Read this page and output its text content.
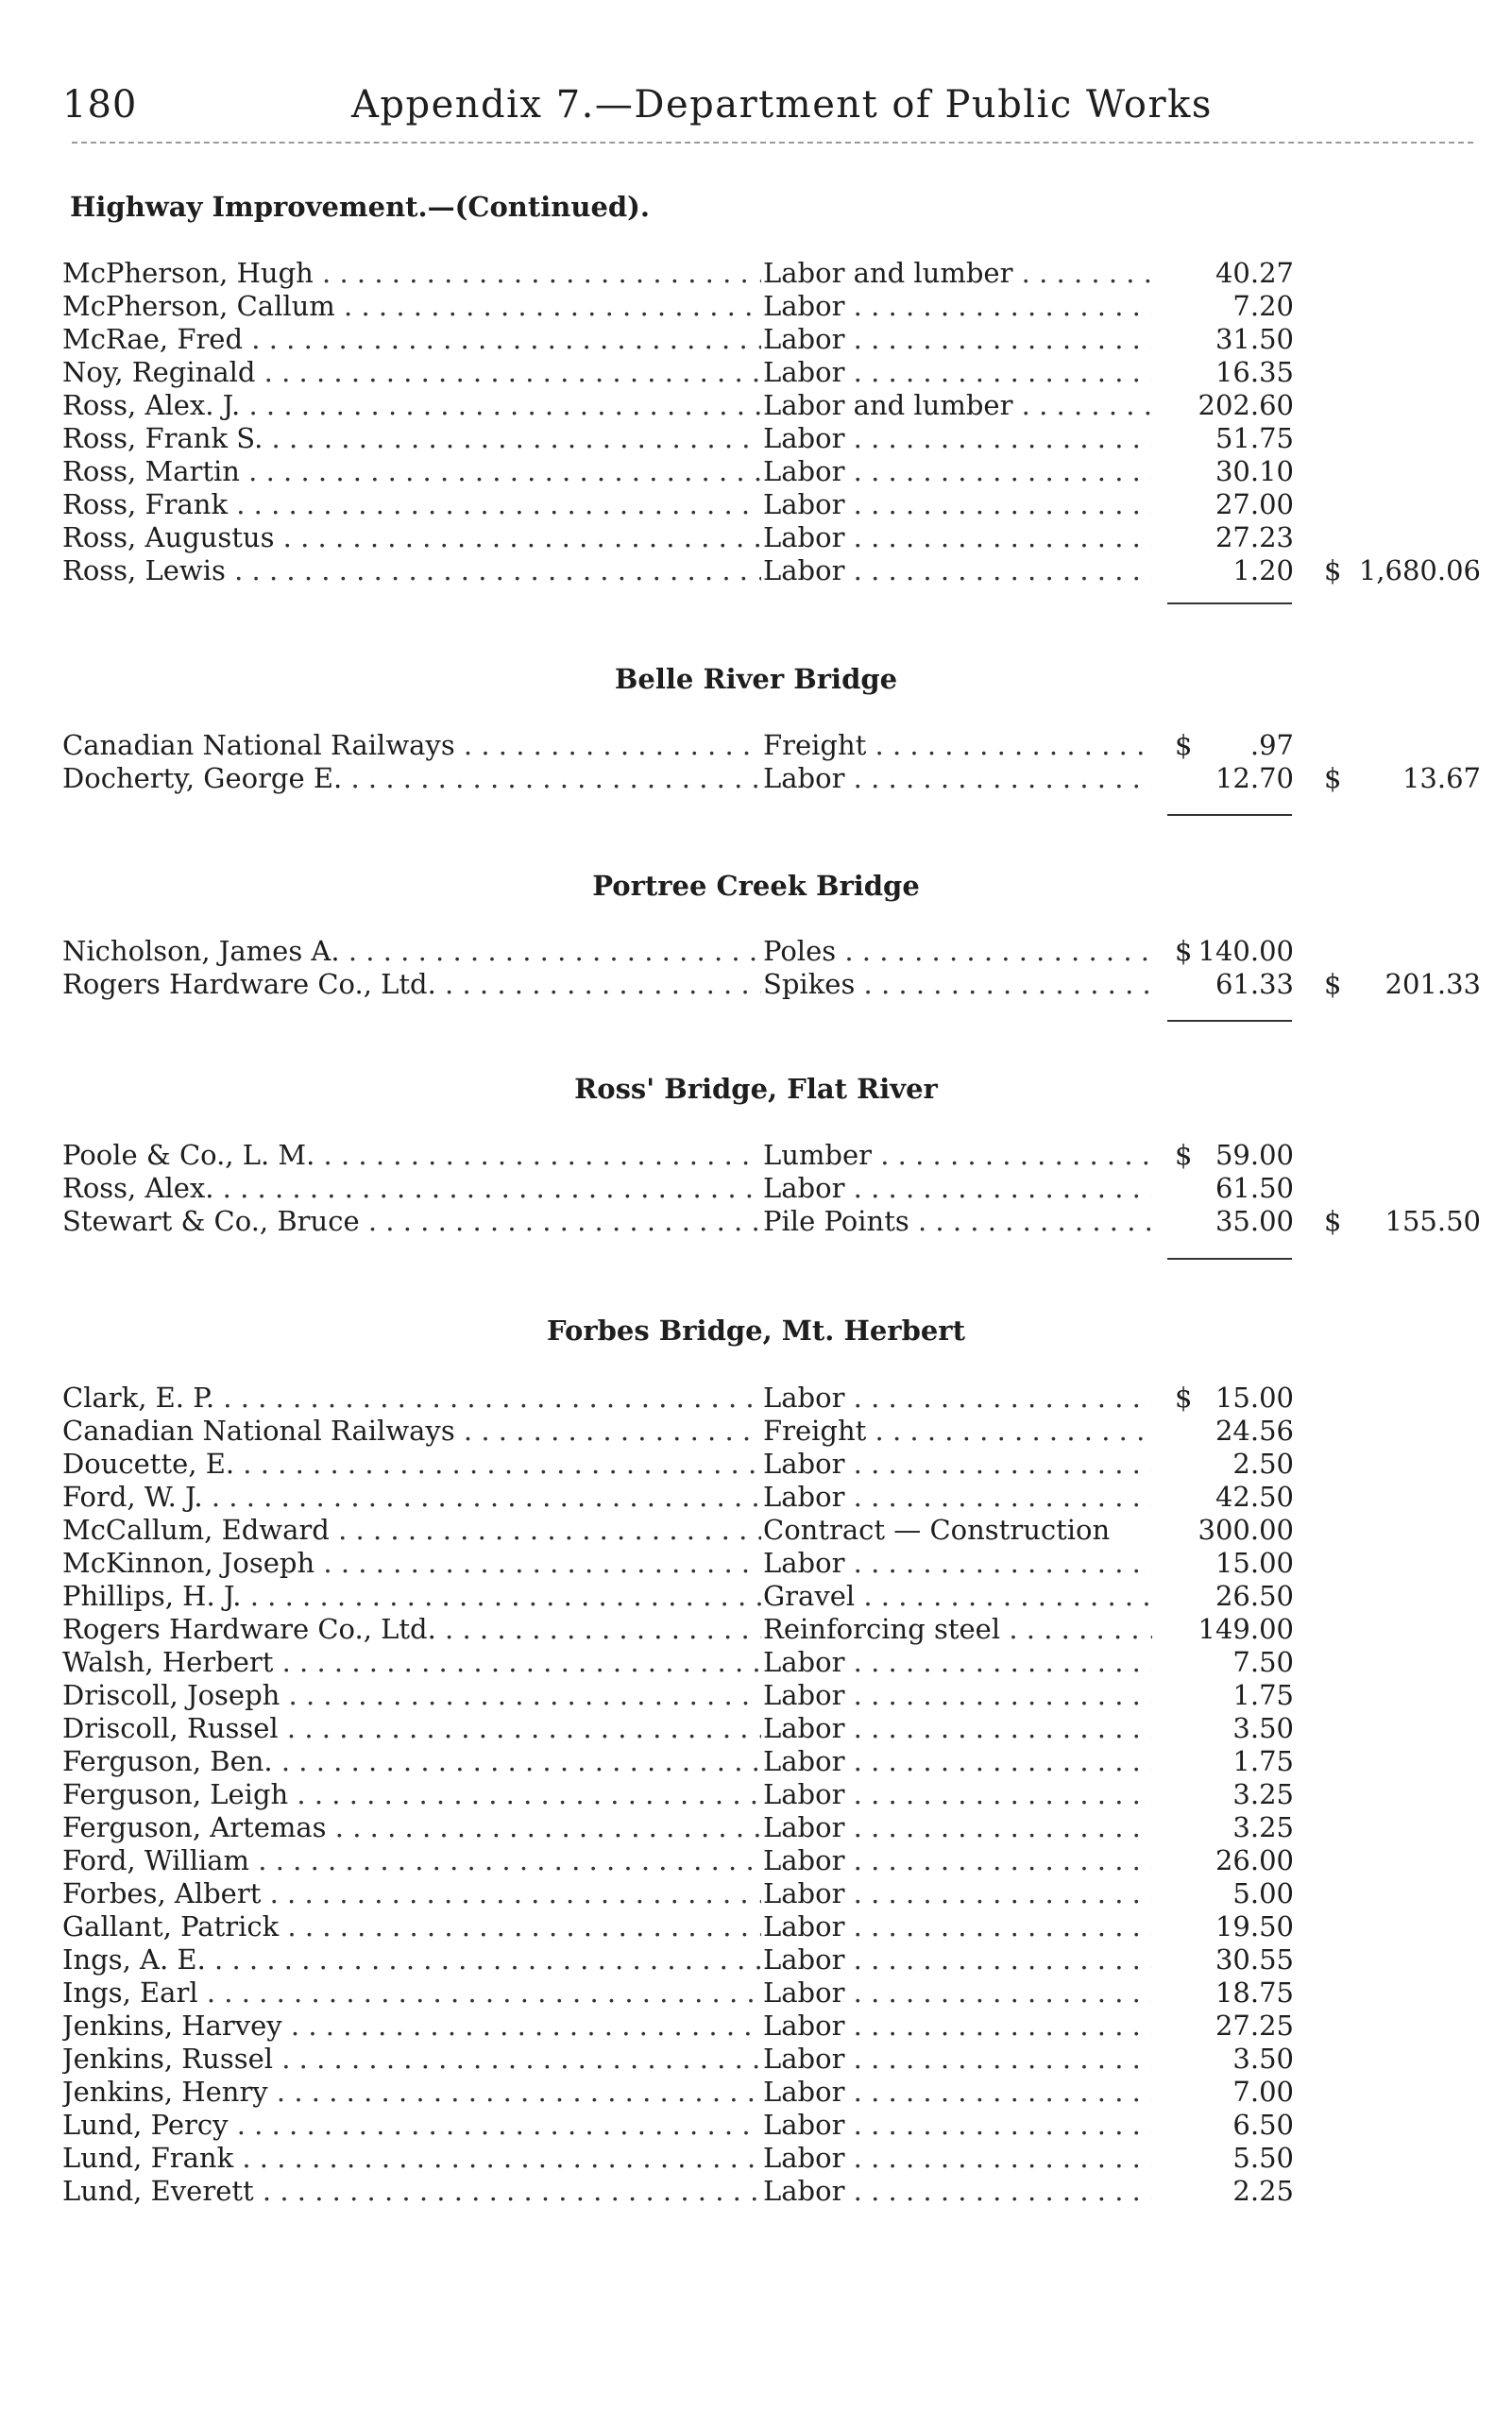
180	Appendix 7.—Department of Public Works
Highway Improvement.—(Continued).
McPherson, Hugh . . .	Labor and lumber . . .	40.27
McPherson, Callum . . .	Labor . . .	7.20
McRae, Fred . . .	Labor . . .	31.50
Noy, Reginald . . .	Labor . . .	16.35
Ross, Alex. J. . . .	Labor and lumber . . .	202.60
Ross, Frank S. . . .	Labor . . .	51.75
Ross, Martin . . .	Labor . . .	30.10
Ross, Frank . . .	Labor . . .	27.00
Ross, Augustus . . .	Labor . . .	27.23
Ross, Lewis . . .	Labor . . .	1.20 $ 1,680.06
Belle River Bridge
Canadian National Railways . . .	Freight . . .	$	.97
Docherty, George E. . . .	Labor . . .	12.70 $	13.67
Portree Creek Bridge
Nicholson, James A. . . .	Poles . . .	$ 140.00
Rogers Hardware Co., Ltd. . . .	Spikes . . .	61.33 $	201.33
Ross' Bridge, Flat River
Poole & Co., L. M. . . .	Lumber . . .	$ 59.00
Ross, Alex. . . .	Labor . . .	61.50
Stewart & Co., Bruce . . .	Pile Points . . .	35.00 $	155.50
Forbes Bridge, Mt. Herbert
Clark, E. P. . . .	Labor . . .	$ 15.00
Canadian National Railways . . .	Freight . . .	24.56
Doucette, E. . . .	Labor . . .	2.50
Ford, W. J. . . .	Labor . . .	42.50
McCallum, Edward . . .	Contract — Construction	300.00
McKinnon, Joseph . . .	Labor . . .	15.00
Phillips, H. J. . . .	Gravel . . .	26.50
Rogers Hardware Co., Ltd. . . .	Reinforcing steel . . .	149.00
Walsh, Herbert . . .	Labor . . .	7.50
Driscoll, Joseph . . .	Labor . . .	1.75
Driscoll, Russel . . .	Labor . . .	3.50
Ferguson, Ben. . . .	Labor . . .	1.75
Ferguson, Leigh . . .	Labor . . .	3.25
Ferguson, Artemas . . .	Labor . . .	3.25
Ford, William . . .	Labor . . .	26.00
Forbes, Albert . . .	Labor . . .	5.00
Gallant, Patrick . . .	Labor . . .	19.50
Ings, A. E. . . .	Labor . . .	30.55
Ings, Earl . . .	Labor . . .	18.75
Jenkins, Harvey . . .	Labor . . .	27.25
Jenkins, Russel . . .	Labor . . .	3.50
Jenkins, Henry . . .	Labor . . .	7.00
Lund, Percy . . .	Labor . . .	6.50
Lund, Frank . . .	Labor . . .	5.50
Lund, Everett . . .	Labor . . .	2.25
